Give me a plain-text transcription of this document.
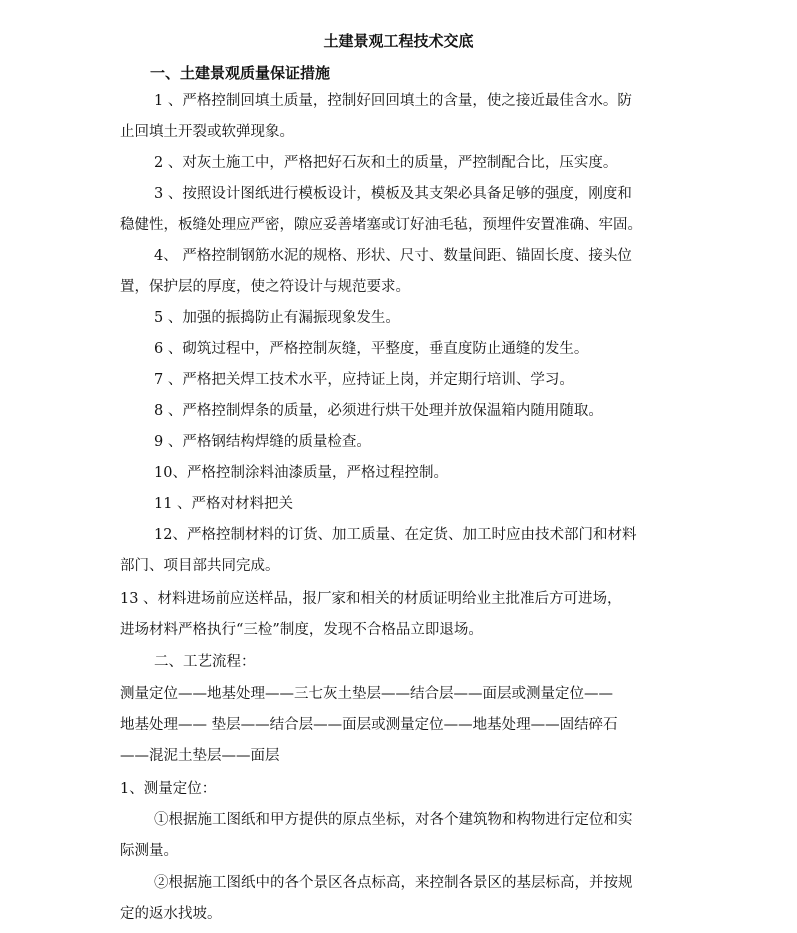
土建景观工程技术交底
一、土建景观质量保证措施
1 、严格控制回填土质量，控制好回回填土的含量，使之接近最佳含水。防
止回填土开裂或软弹现象。
2 、对灰土施工中，严格把好石灰和土的质量，严控制配合比，压实度。
3 、按照设计图纸进行模板设计，模板及其支架必具备足够的强度，刚度和
稳健性，板缝处理应严密，隙应妥善堵塞或订好油毛毡，预埋件安置准确、牢固。
4、 严格控制钢筋水泥的规格、形状、尺寸、数量间距、锚固长度、接头位
置，保护层的厚度，使之符设计与规范要求。
5 、加强的振捣防止有漏振现象发生。
6 、砌筑过程中，严格控制灰缝，平整度，垂直度防止通缝的发生。
7 、严格把关焊工技术水平，应持证上岗，并定期行培训、学习。
8 、严格控制焊条的质量，必须进行烘干处理并放保温箱内随用随取。
9 、严格钢结构焊缝的质量检查。
10、严格控制涂料油漆质量，严格过程控制。
11 、严格对材料把关
12、严格控制材料的订货、加工质量、在定货、加工时应由技术部门和材料
部门、项目部共同完成。
13 、材料进场前应送样品，报厂家和相关的材质证明给业主批准后方可进场，
进场材料严格执行“三检”制度，发现不合格品立即退场。
二、工艺流程：
测量定位——地基处理——三七灰土垫层——结合层——面层或测量定位——
地基处理—— 垫层——结合层——面层或测量定位——地基处理——固结碎石
——混泥土垫层——面层
1、测量定位：
①根据施工图纸和甲方提供的原点坐标，对各个建筑物和构物进行定位和实
际测量。
②根据施工图纸中的各个景区各点标高，来控制各景区的基层标高，并按规
定的返水找坡。
